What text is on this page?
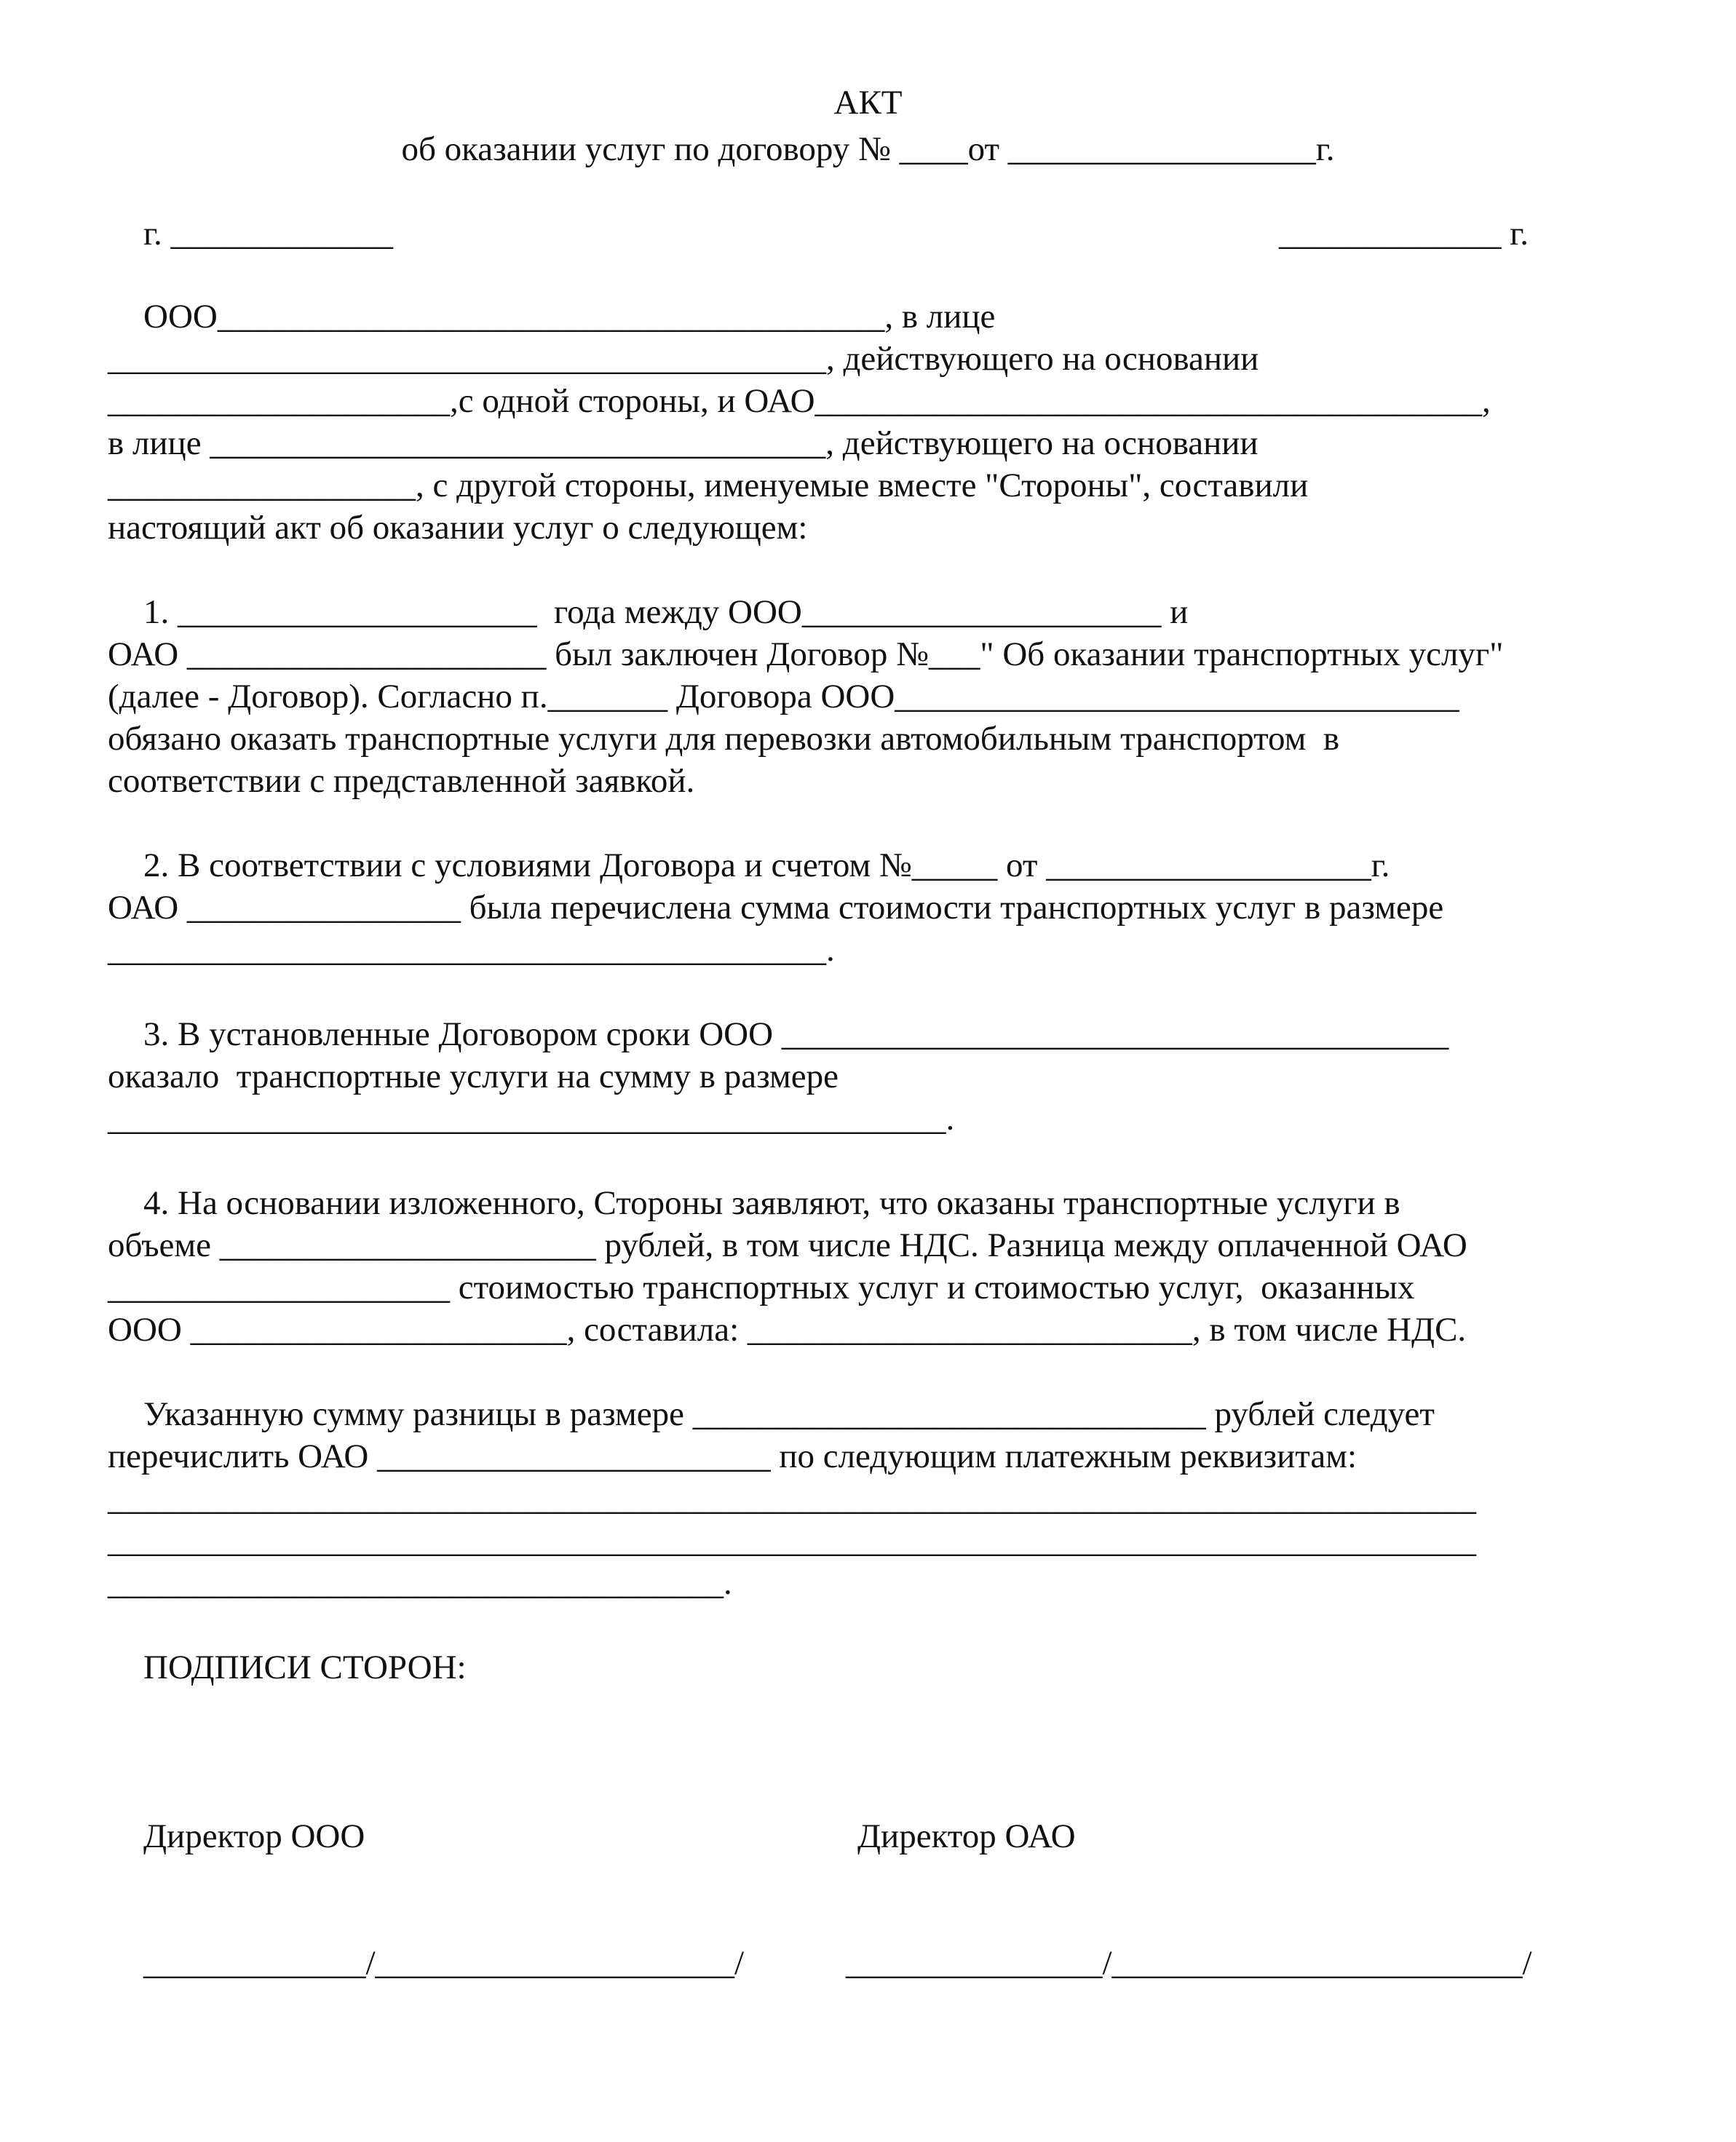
АКТ
об оказании услуг по договору № ____от __________________г.
г. _____________	_____________ г.
ООО_______________________________________, в лице
__________________________________________, действующего на основании
____________________,с одной стороны, и ОАО_______________________________________,
в лице ____________________________________, действующего на основании
__________________, с другой стороны, именуемые вместе "Стороны", составили
настоящий акт об оказании услуг о следующем:
1. _____________________  года между ООО_____________________ и
ОАО _____________________ был заключен Договор №___" Об оказании транспортных услуг"
(далее - Договор). Согласно п._______ Договора ООО_________________________________
обязано оказать транспортные услуги для перевозки автомобильным транспортом  в
соответствии с представленной заявкой.
2. В соответствии с условиями Договора и счетом №_____ от ___________________г.
ОАО ________________ была перечислена сумма стоимости транспортных услуг в размере
__________________________________________.
3. В установленные Договором сроки ООО _______________________________________
оказало  транспортные услуги на сумму в размере
_________________________________________________.
4. На основании изложенного, Стороны заявляют, что оказаны транспортные услуги в
объеме ______________________ рублей, в том числе НДС. Разница между оплаченной ОАО
____________________ стоимостью транспортных услуг и стоимостью услуг,  оказанных
ООО ______________________, составила: __________________________, в том числе НДС.
Указанную сумму разницы в размере ______________________________ рублей следует
перечислить ОАО _______________________ по следующим платежным реквизитам:
________________________________________________________________________________
________________________________________________________________________________
____________________________________.
ПОДПИСИ СТОРОН:
Директор ООО	Директор ОАО
_____________/_____________________/	_______________/________________________/
